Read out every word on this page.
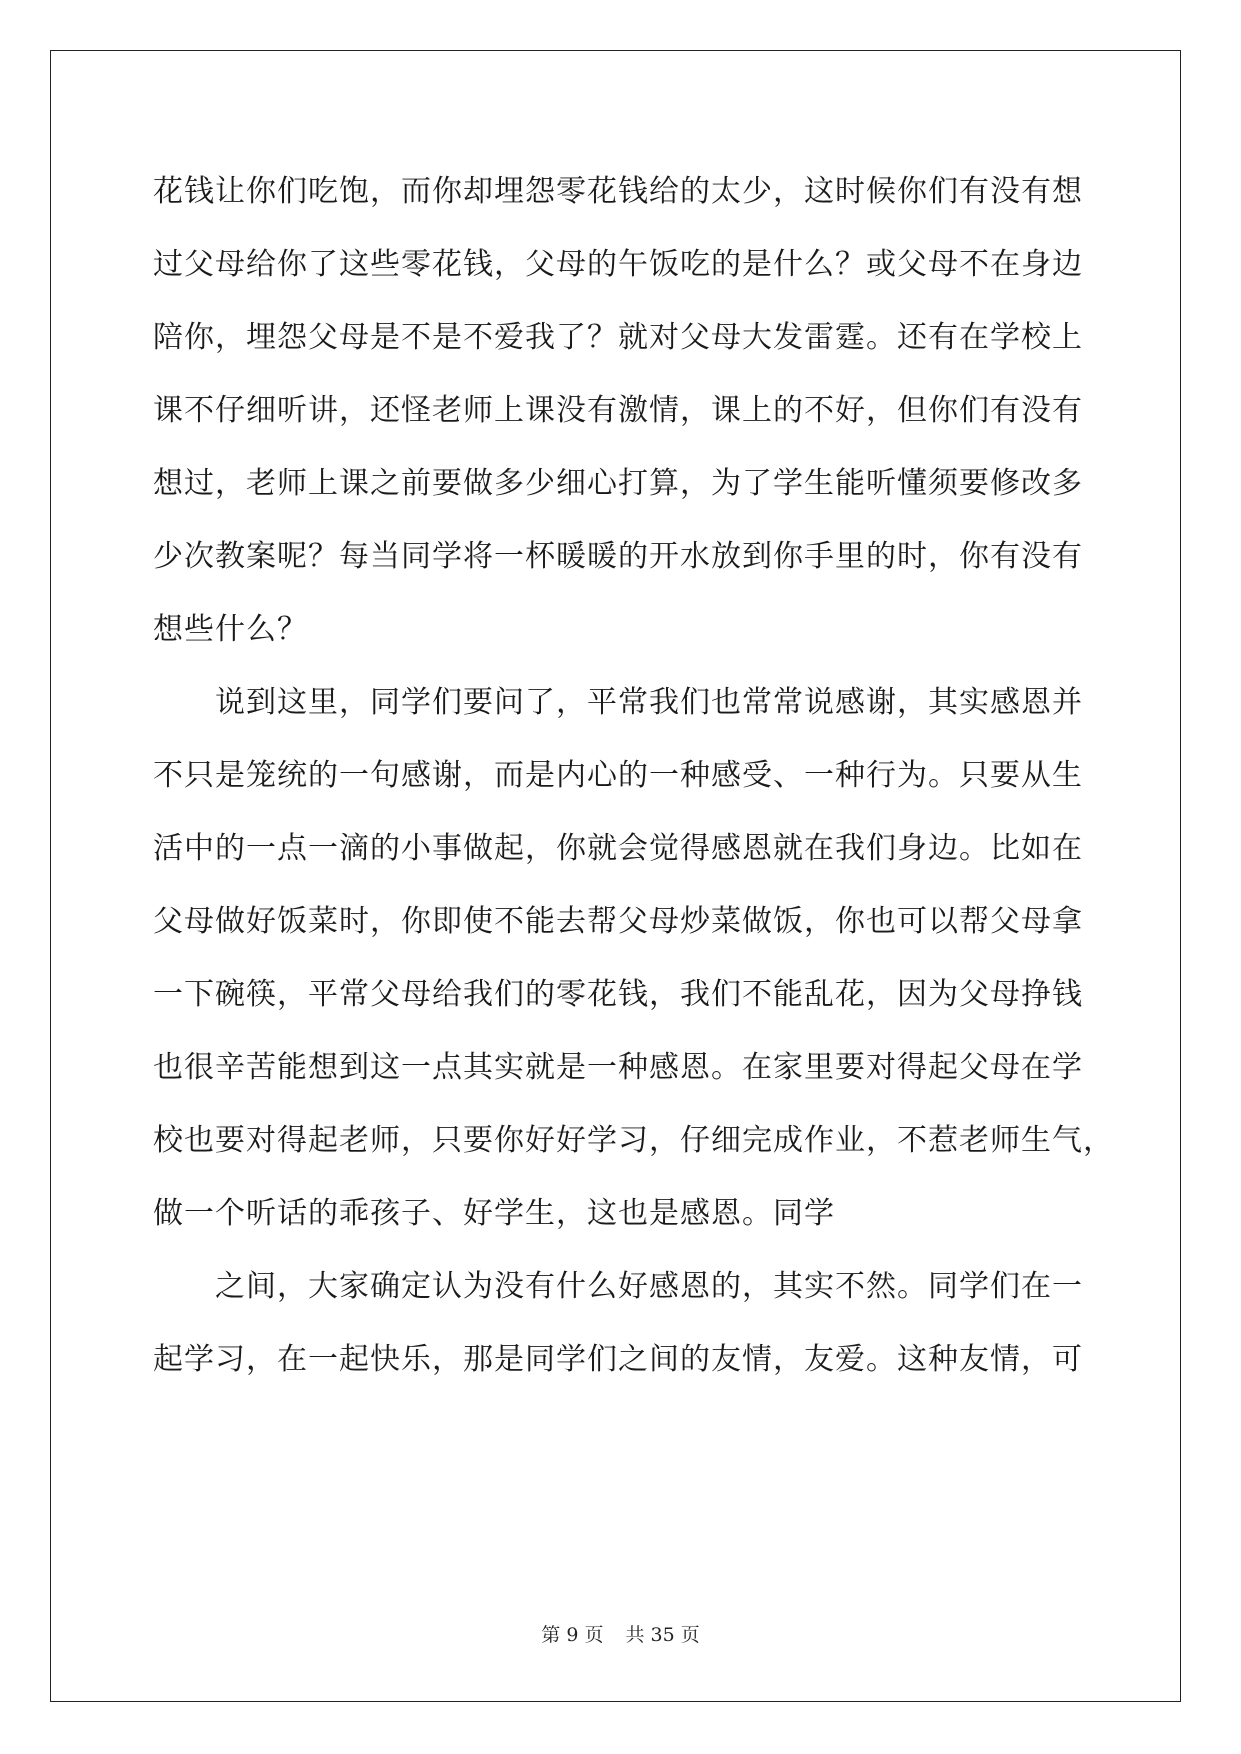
花钱让你们吃饱，而你却埋怨零花钱给的太少，这时候你们有没有想
过父母给你了这些零花钱，父母的午饭吃的是什么？或父母不在身边
陪你，埋怨父母是不是不爱我了？就对父母大发雷霆。还有在学校上
课不仔细听讲，还怪老师上课没有激情，课上的不好，但你们有没有
想过，老师上课之前要做多少细心打算，为了学生能听懂须要修改多
少次教案呢？每当同学将一杯暖暖的开水放到你手里的时，你有没有
想些什么？
说到这里，同学们要问了，平常我们也常常说感谢，其实感恩并
不只是笼统的一句感谢，而是内心的一种感受、一种行为。只要从生
活中的一点一滴的小事做起，你就会觉得感恩就在我们身边。比如在
父母做好饭菜时，你即使不能去帮父母炒菜做饭，你也可以帮父母拿
一下碗筷，平常父母给我们的零花钱，我们不能乱花，因为父母挣钱
也很辛苦能想到这一点其实就是一种感恩。在家里要对得起父母在学
校也要对得起老师，只要你好好学习，仔细完成作业，不惹老师生气，
做一个听话的乖孩子、好学生，这也是感恩。同学
之间，大家确定认为没有什么好感恩的，其实不然。同学们在一
起学习，在一起快乐，那是同学们之间的友情，友爱。这种友情，可
第 9 页 共 35 页
